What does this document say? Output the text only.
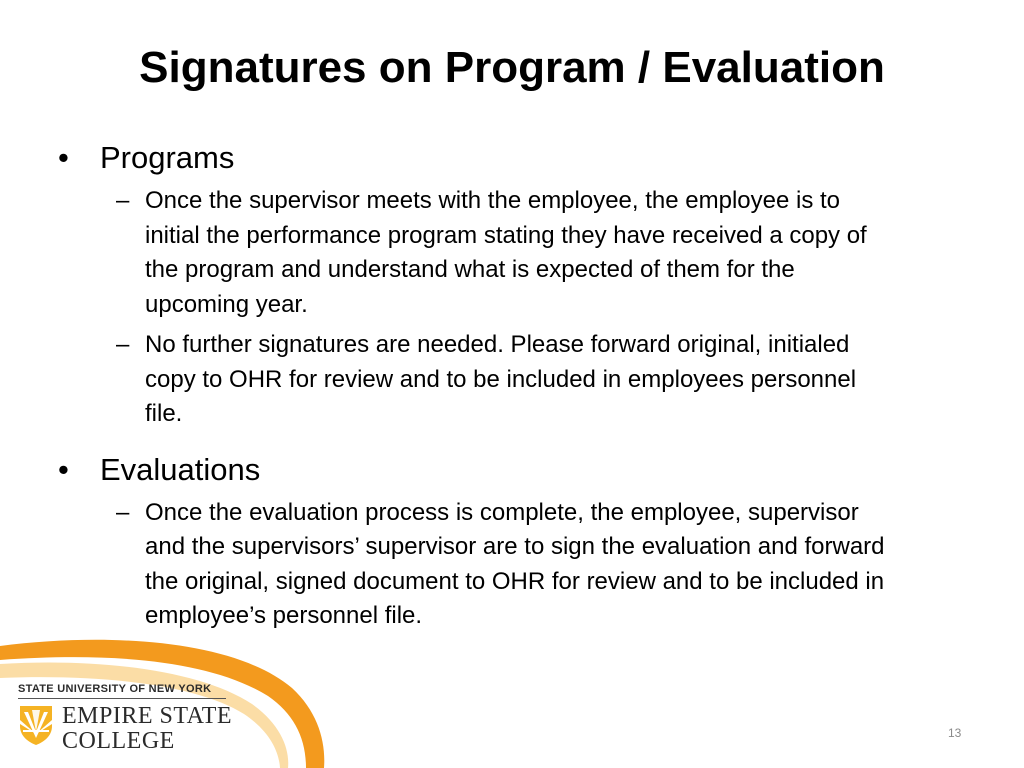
Signatures on Program / Evaluation
• Programs
– Once the supervisor meets with the employee, the employee is to initial the performance program stating they have received a copy of the program and understand what is expected of them for the upcoming year.
– No further signatures are needed. Please forward original, initialed copy to OHR for review and to be included in employees personnel file.
• Evaluations
– Once the evaluation process is complete, the employee, supervisor and the supervisors’ supervisor are to sign the evaluation and forward the original, signed document to OHR for review and to be included in employee’s personnel file.
STATE UNIVERSITY OF NEW YORK
EMPIRE STATE
COLLEGE	13
